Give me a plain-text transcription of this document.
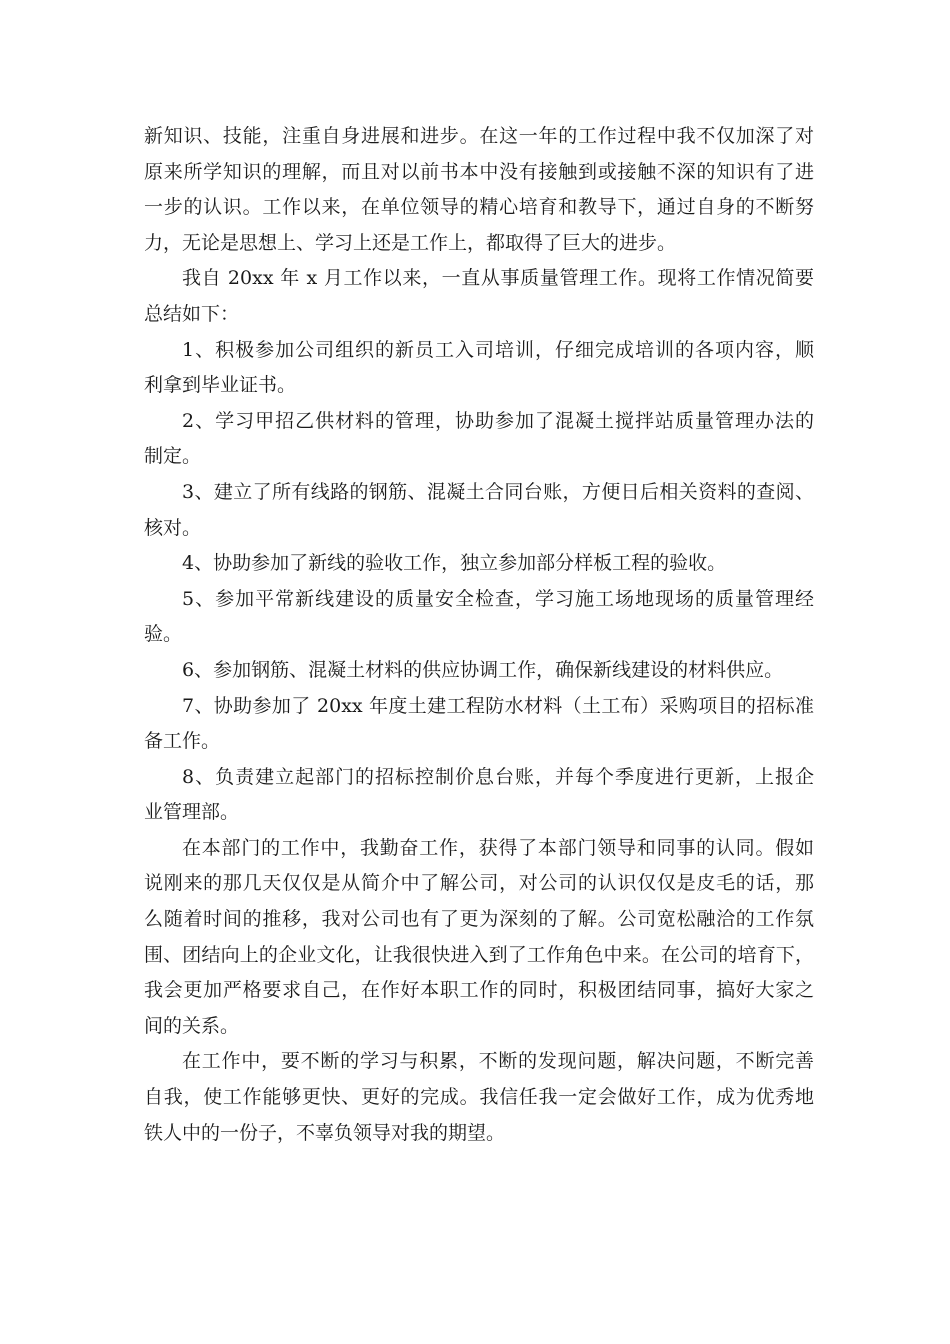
新知识、技能，注重自身进展和进步。在这一年的工作过程中我不仅加深了对
原来所学知识的理解，而且对以前书本中没有接触到或接触不深的知识有了进
一步的认识。工作以来，在单位领导的精心培育和教导下，通过自身的不断努
力，无论是思想上、学习上还是工作上，都取得了巨大的进步。

我自 20xx 年 x 月工作以来，一直从事质量管理工作。现将工作情况简要
总结如下：

1、积极参加公司组织的新员工入司培训，仔细完成培训的各项内容，顺
利拿到毕业证书。

2、学习甲招乙供材料的管理，协助参加了混凝土搅拌站质量管理办法的
制定。

3、建立了所有线路的钢筋、混凝土合同台账，方便日后相关资料的查阅、
核对。

4、协助参加了新线的验收工作，独立参加部分样板工程的验收。

5、参加平常新线建设的质量安全检查，学习施工场地现场的质量管理经
验。

6、参加钢筋、混凝土材料的供应协调工作，确保新线建设的材料供应。

7、协助参加了 20xx 年度土建工程防水材料（土工布）采购项目的招标准
备工作。

8、负责建立起部门的招标控制价息台账，并每个季度进行更新，上报企
业管理部。

在本部门的工作中，我勤奋工作，获得了本部门领导和同事的认同。假如
说刚来的那几天仅仅是从简介中了解公司，对公司的认识仅仅是皮毛的话，那
么随着时间的推移，我对公司也有了更为深刻的了解。公司宽松融洽的工作氛
围、团结向上的企业文化，让我很快进入到了工作角色中来。在公司的培育下，
我会更加严格要求自己，在作好本职工作的同时，积极团结同事，搞好大家之
间的关系。

在工作中，要不断的学习与积累，不断的发现问题，解决问题，不断完善
自我，使工作能够更快、更好的完成。我信任我一定会做好工作，成为优秀地
铁人中的一份子，不辜负领导对我的期望。
